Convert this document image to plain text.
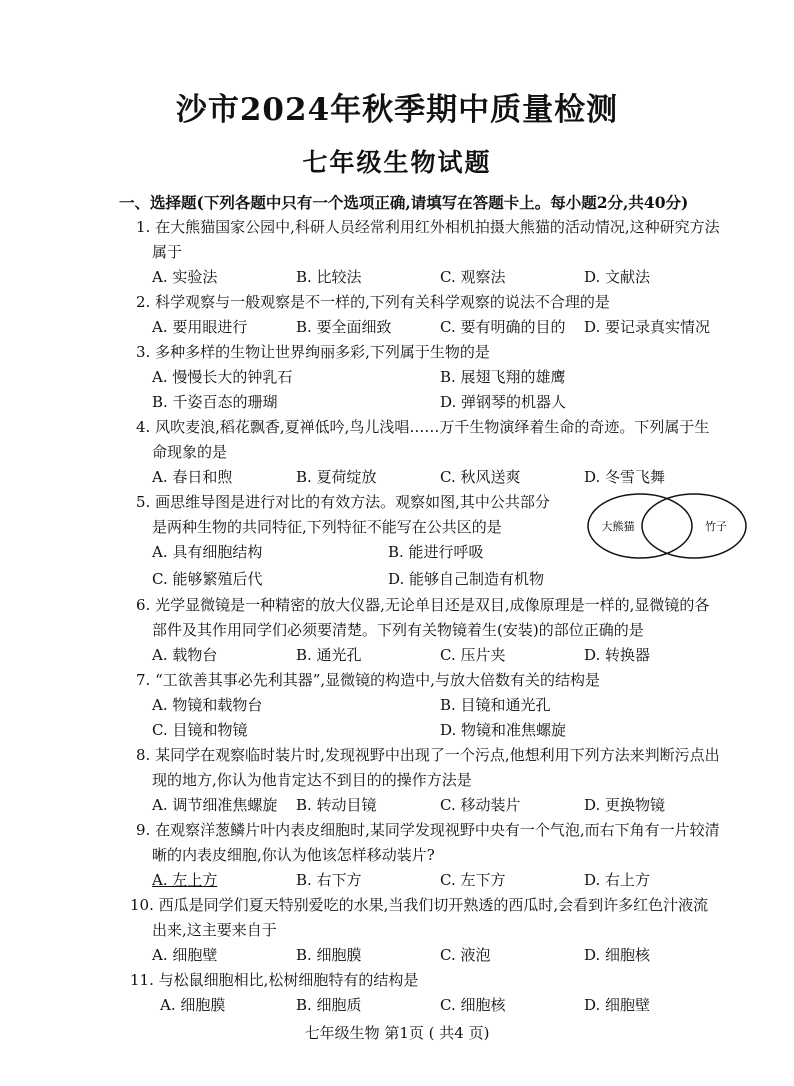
沙市2024年秋季期中质量检测
七年级生物试题
一、选择题(下列各题中只有一个选项正确,请填写在答题卡上。每小题2分,共40分)
1. 在大熊猫国家公园中,科研人员经常利用红外相机拍摄大熊猫的活动情况,这种研究方法
属于
A. 实验法	B. 比较法	C. 观察法	D. 文献法
2. 科学观察与一般观察是不一样的,下列有关科学观察的说法不合理的是
A. 要用眼进行	B. 要全面细致	C. 要有明确的目的 D. 要记录真实情况
3. 多种多样的生物让世界绚丽多彩,下列属于生物的是
A. 慢慢长大的钟乳石	B. 展翅飞翔的雄鹰
B. 千姿百态的珊瑚	D. 弹钢琴的机器人
4. 风吹麦浪,稻花飘香,夏禅低吟,鸟儿浅唱……万千生物演绎着生命的奇迹。下列属于生
命现象的是
A. 春日和煦	B. 夏荷绽放	C. 秋风送爽	D. 冬雪飞舞
5. 画思维导图是进行对比的有效方法。观察如图,其中公共部分
是两种生物的共同特征,下列特征不能写在公共区的是
A. 具有细胞结构	B. 能进行呼吸
C. 能够繁殖后代	D. 能够自己制造有机物
大熊猫	竹子
6. 光学显微镜是一种精密的放大仪器,无论单目还是双目,成像原理是一样的,显微镜的各
部件及其作用同学们必须要清楚。下列有关物镜着生(安装)的部位正确的是
A. 载物台	B. 通光孔	C. 压片夹	D. 转换器
7. “工欲善其事必先利其器”,显微镜的构造中,与放大倍数有关的结构是
A. 物镜和载物台	B. 目镜和通光孔
C. 目镜和物镜	D. 物镜和准焦螺旋
8. 某同学在观察临时装片时,发现视野中出现了一个污点,他想利用下列方法来判断污点出
现的地方,你认为他肯定达不到目的的操作方法是
A. 调节细准焦螺旋 B. 转动目镜	C. 移动装片	D. 更换物镜
9. 在观察洋葱鳞片叶内表皮细胞时,某同学发现视野中央有一个气泡,而右下角有一片较清
晰的内表皮细胞,你认为他该怎样移动装片?
A. 左上方	B. 右下方	C. 左下方	D. 右上方
10. 西瓜是同学们夏天特别爱吃的水果,当我们切开熟透的西瓜时,会看到许多红色汁液流
出来,这主要来自于
A. 细胞壁	B. 细胞膜	C. 液泡	D. 细胞核
11. 与松鼠细胞相比,松树细胞特有的结构是
A. 细胞膜	B. 细胞质	C. 细胞核	D. 细胞壁
七年级生物 第1页 ( 共4 页)
